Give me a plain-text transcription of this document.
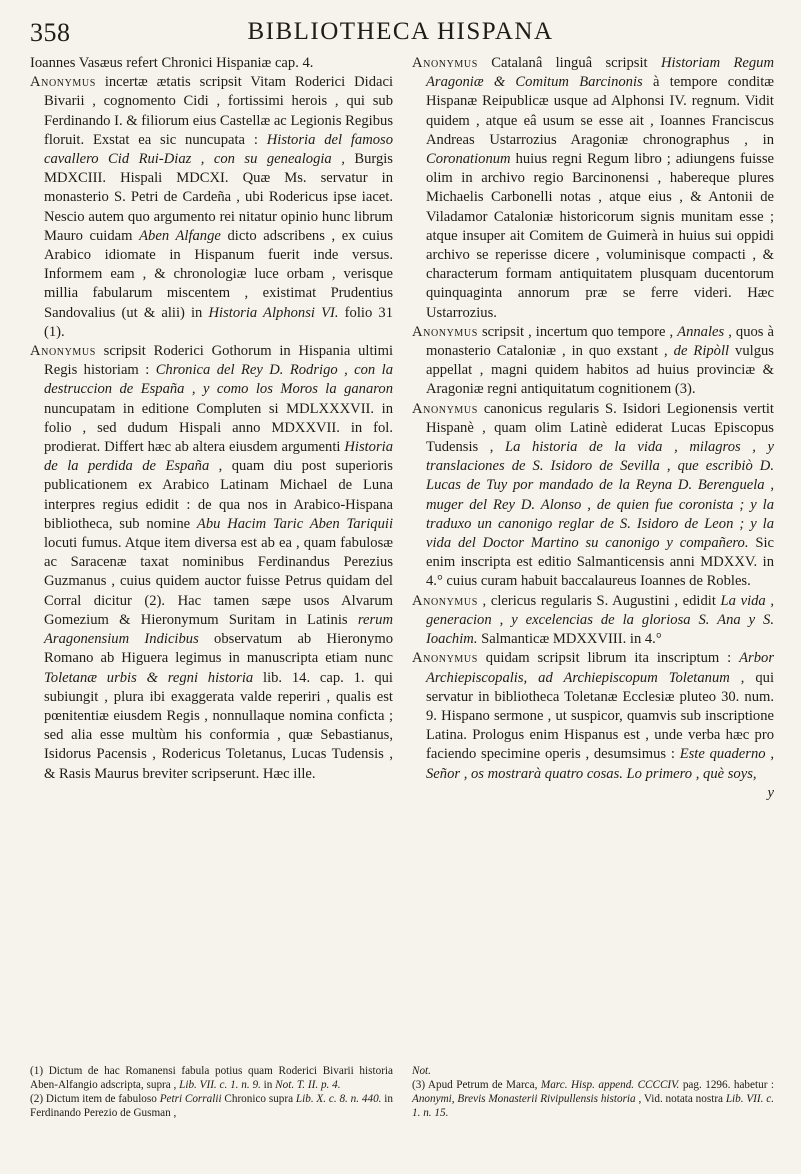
358	BIBLIOTHECA HISPANA

Ioannes Vasæus refert Chronici Hispaniæ cap. 4.

Anonymus incertæ ætatis scripsit Vitam Roderici Didaci Bivarii , cognomento Cidi , fortissimi herois , qui sub Ferdinando I. & filiorum eius Castellæ ac Legionis Regibus floruit. Exstat ea sic nuncupata : Historia del famoso cavallero Cid Rui-Diaz , con su genealogia , Burgis MDXCIII. Hispali MDCXI. Quæ Ms. servatur in monasterio S. Petri de Cardeña , ubi Rodericus ipse iacet. Nescio autem quo argumento rei nitatur opinio hunc librum Mauro cuidam Aben Alfange dicto adscribens , ex cuius Arabico idiomate in Hispanum fuerit inde versus. Informem eam , & chronologiæ luce orbam , verisque millia fabularum miscentem , existimat Prudentius Sandovalius (ut & alii) in Historia Alphonsi VI. folio 31 (1).

Anonymus scripsit Roderici Gothorum in Hispania ultimi Regis historiam : Chronica del Rey D. Rodrigo , con la destruccion de España , y como los Moros la ganaron nuncupatam in editione Compluten si MDLXXXVII. in folio , sed dudum Hispali anno MDXXVII. in fol. prodierat. Differt hæc ab altera eiusdem argumenti Historia de la perdida de España , quam diu post superioris publicationem ex Arabico Latinam Michael de Luna interpres regius edidit : de qua nos in Arabico-Hispana bibliotheca, sub nomine Abu Hacim Taric Aben Tariquii locuti fumus. Atque item diversa est ab ea , quam fabulosæ ac Saracenæ taxat nominibus Ferdinandus Perezius Guzmanus , cuius quidem auctor fuisse Petrus quidam del Corral dicitur (2). Hac tamen sæpe usos Alvarum Gomezium & Hieronymum Suritam in Latinis rerum Aragonensium Indicibus observatum ab Hieronymo Romano ab Higuera legimus in manuscripta etiam nunc Toletanæ urbis & regni historia lib. 14. cap. 1. qui subiungit , plura ibi exaggerata valde reperiri , qualis est pœnitentiæ eiusdem Regis , nonnullaque nomina conficta ; sed alia esse multùm his conformia , quæ Sebastianus, Isidorus Pacensis , Rodericus Toletanus, Lucas Tudensis , & Rasis Maurus breviter scripserunt. Hæc ille.

Anonymus Catalanâ linguâ scripsit Historiam Regum Aragoniæ & Comitum Barcinonis à tempore conditæ Hispanæ Reipublicæ usque ad Alphonsi IV. regnum. Vidit quidem , atque eâ usum se esse ait , Ioannes Franciscus Andreas Ustarrozius Aragoniæ chronographus , in Coronationum huius regni Regum libro ; adiungens fuisse olim in archivo regio Barcinonensi , habereque plures Michaelis Carbonelli notas , atque eius , & Antonii de Viladamor Cataloniæ historicorum signis munitam esse ; atque insuper ait Comitem de Guimerà in huius sui oppidi archivo se reperisse dicere , voluminisque compacti , & characterum formam antiquitatem plusquam ducentorum quinquaginta annorum præ se ferre videri. Hæc Ustarrozius.

Anonymus scripsit , incertum quo tempore , Annales , quos à monasterio Cataloniæ , in quo exstant , de Ripòll vulgus appellat , magni quidem habitos ad huius provinciæ & Aragoniæ regni antiquitatum cognitionem (3).

Anonymus canonicus regularis S. Isidori Legionensis vertit Hispanè , quam olim Latinè ediderat Lucas Episcopus Tudensis , La historia de la vida , milagros , y translaciones de S. Isidoro de Sevilla , que escribiò D. Lucas de Tuy por mandado de la Reyna D. Berenguela , muger del Rey D. Alonso , de quien fue coronista ; y la traduxo un canonigo reglar de S. Isidoro de Leon ; y la vida del Doctor Martino su canonigo y compañero. Sic enim inscripta est editio Salmanticensis anni MDXXV. in 4.° cuius curam habuit baccalaureus Ioannes de Robles.

Anonymus , clericus regularis S. Augustini , edidit La vida , generacion , y excelencias de la gloriosa S. Ana y S. Ioachim. Salmanticæ MDXXVIII. in 4.°

Anonymus quidam scripsit librum ita inscriptum : Arbor Archiepiscopalis, ad Archiepiscopum Toletanum , qui servatur in bibliotheca Toletanæ Ecclesiæ pluteo 30. num. 9. Hispano sermone , ut suspicor, quamvis sub inscriptione Latina. Prologus enim Hispanus est , unde verba hæc pro faciendo specimine operis , desumsimus : Este quaderno , Señor , os mostrarà quatro cosas. Lo primero , què soys,

y

(1) Dictum de hac Romanensi fabula potius quam Roderici Bivarii historia Aben-Alfangio adscripta, supra , Lib. VII. c. 1. n. 9. in Not. T. II. p. 4.

(2) Dictum item de fabuloso Petri Corralii Chronico supra Lib. X. c. 8. n. 440. in Ferdinando Perezio de Gusman ,

Not.

(3) Apud Petrum de Marca, Marc. Hisp. append. CCCCIV. pag. 1296. habetur : Anonymi, Brevis Monasterii Rivipullensis historia , Vid. notata nostra Lib. VII. c. 1. n. 15.
